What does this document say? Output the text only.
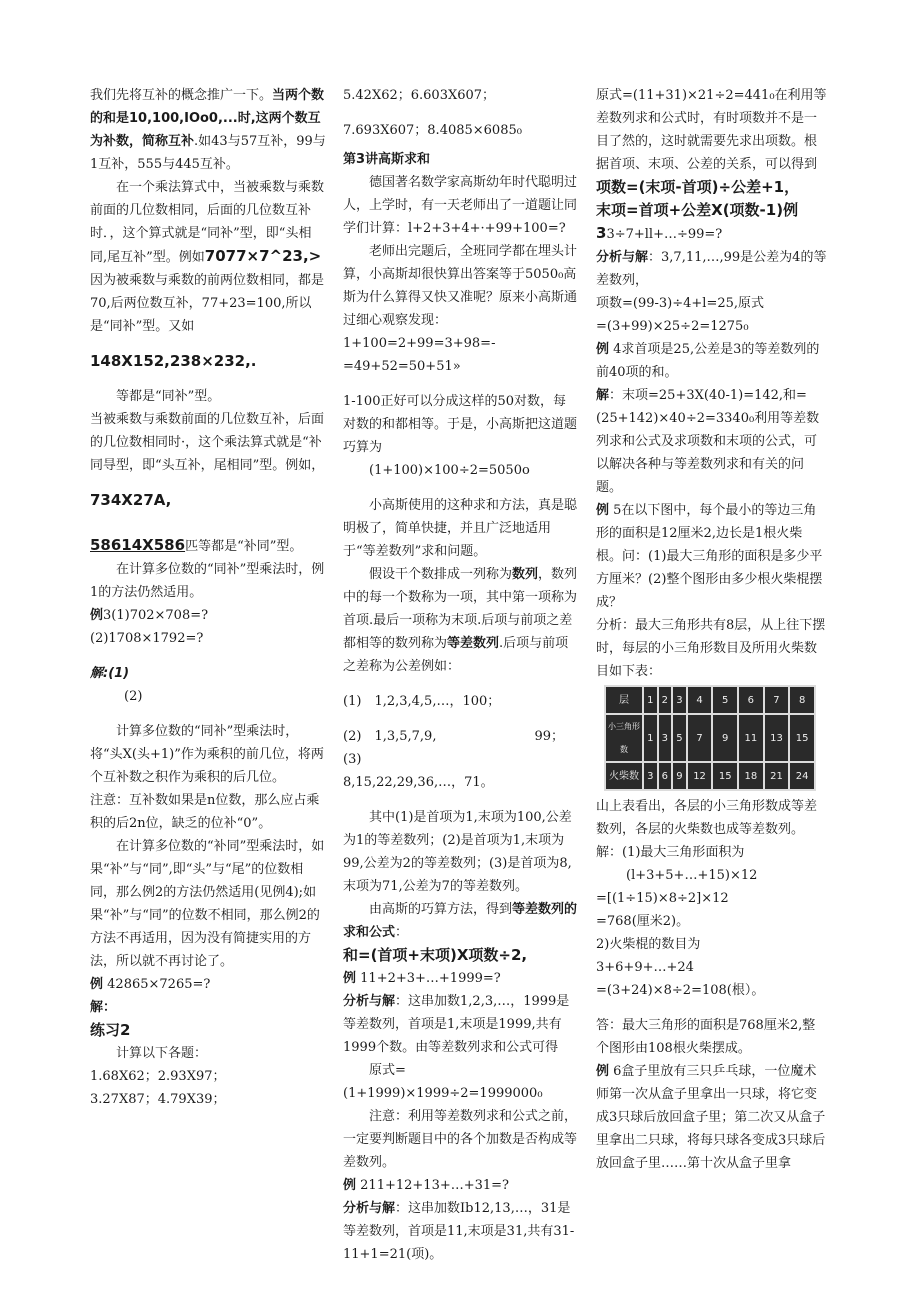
我们先将互补的概念推广一下。当两个数的和是10,100,IOo0,...时,这两个数互为补数，简称互补.如43与57互补，99与1互补，555与445互补。

在一个乘法算式中，当被乘数与乘数前面的几位数相同，后面的几位数互补时．，这个算式就是“同补”型，即“头相同,尾互补”型。例如7077×7^23,>

因为被乘数与乘数的前两位数相同，都是70,后两位数互补，77+23=100,所以是“同补”型。又如

148X152,238×232,.

等都是“同补”型。

当被乘数与乘数前面的几位数互补，后面的几位数相同时·，这个乘法算式就是“补同㝵型，即“头互补，尾相同”型。例如，

734X27A,

58614X586匹等都是“补同”型。

在计算多位数的“同补”型乘法时，例1的方法仍然适用。

例3(1)702×708=?　　　(2)1708×1792=?

解:(1)

(2)

计算多位数的“同补”型乘法时，将“头X(头+1)”作为乘积的前几位，将两个互补数之积作为乘积的后几位。

注意：互补数如果是n位数，那么应占乘积的后2n位，缺乏的位补“0”。

在计算多位数的“补同”型乘法时，如果“补”与“同”,即“头”与“尾”的位数相同，那么例2的方法仍然适用(见例4);如果“补”与“同”的位数不相同，那么例2的方法不再适用，因为没有简捷实用的方法，所以就不再讨论了。

例 42865×7265=?

解：

练习2

计算以下各题：

1.68X62；2.93X97；

3.27X87；4.79X39；

5.42X62；6.603X607；

7.693X607；8.4085×6085₀

第3讲高斯求和

德国著名数学家高斯幼年时代聪明过人，上学时，有一天老师出了一道题让同学们计算：l+2+3+4+·+99+100=?

老师出完题后，全班同学都在埋头计算，小高斯却很快算出答案等于5050₀高斯为什么算得又快又准呢？原来小高斯通过细心观察发现：

1+100=2+99=3+98=-=49+52=50+51»

1-100正好可以分成这样的50对数，每对数的和都相等。于是，小高斯把这道题巧算为

(1+100)×100÷2=5050o

小高斯使用的这种求和方法，真是聪明极了，简单快捷，并且广泛地适用于“等差数列”求和问题。

假设干个数排成一列称为数列，数列中的每一个数称为一项，其中第一项称为首项.最后一项称为末项.后项与前项之差都相等的数列称为等差数列.后项与前项之差称为公差例如：

(1)　 1,2,3,4,5,…，100；

(2)　 1,3,5,7,9,	99；(3)

8,15,22,29,36,…，71。

其中(1)是首项为1,末项为100,公差为1的等差数列；(2)是首项为1,末项为99,公差为2的等差数列；(3)是首项为8,末项为71,公差为7的等差数列。

由高斯的巧算方法，得到等差数列的求和公式：

和=(首项+末项)X项数÷2,

例 11+2+3+…+1999=?

分析与解：这串加数1,2,3,…，1999是等差数列，首项是1,末项是1999,共有1999个数。由等差数列求和公式可得

原式=(1+1999)×1999÷2=1999000₀

注意：利用等差数列求和公式之前，一定要判断题目中的各个加数是否构成等差数列。

例 211+12+13+…+31=?

分析与解：这串加数Ib12,13,…，31是等差数列，首项是11,末项是31,共有31-11+1=21(项)。

原式=(11+31)×21÷2=441₀在利用等差数列求和公式时，有时项数并不是一目了然的，这时就需要先求出项数。根据首项、末项、公差的关系，可以得到

项数=(末项-首项)÷公差+1，

末项=首项+公差X(项数-1)例

33÷7+ll+…÷99=?

分析与解：3,7,11,…,99是公差为4的等差数列，

项数=(99-3)÷4+l=25,原式

=(3+99)×25÷2=1275₀

例 4求首项是25,公差是3的等差数列的前40项的和。

解：末项=25+3X(40-1)=142,和=(25+142)×40÷2=3340₀利用等差数列求和公式及求项数和末项的公式，可以解决各种与等差数列求和有关的问题。

例 5在以下图中，每个最小的等边三角形的面积是12厘米2,边长是1根火柴根。问：(1)最大三角形的面积是多少平方厘米？(2)整个图形由多少根火柴棍摆成？

分析：最大三角形共有8层，从上往下摆时，每层的小三角形数目及所用火柴数目如下表：

层	1	2	3	4	5	6	7	8
小三角形数	1	3	5	7	9	11	13	15
火柴数	3	6	9	12	15	18	21	24

山上表看出，各层的小三角形数成等差数列，各层的火柴数也成等差数列。

解：(1)最大三角形面积为

(l+3+5+…+15)×12

=[(1÷15)×8÷2]×12

=768(厘米2)。

2)火柴棍的数目为

3+6+9+…+24

=(3+24)×8÷2=108(根）。

答：最大三角形的面积是768厘米2,整个图形由108根火柴摆成。

例 6盒子里放有三只乒乓球，一位魔术师第一次从盒子里拿出一只球，将它变成3只球后放回盒子里；第二次又从盒子里拿出二只球，将每只球各变成3只球后放回盒子里……第十次从盒子里拿
